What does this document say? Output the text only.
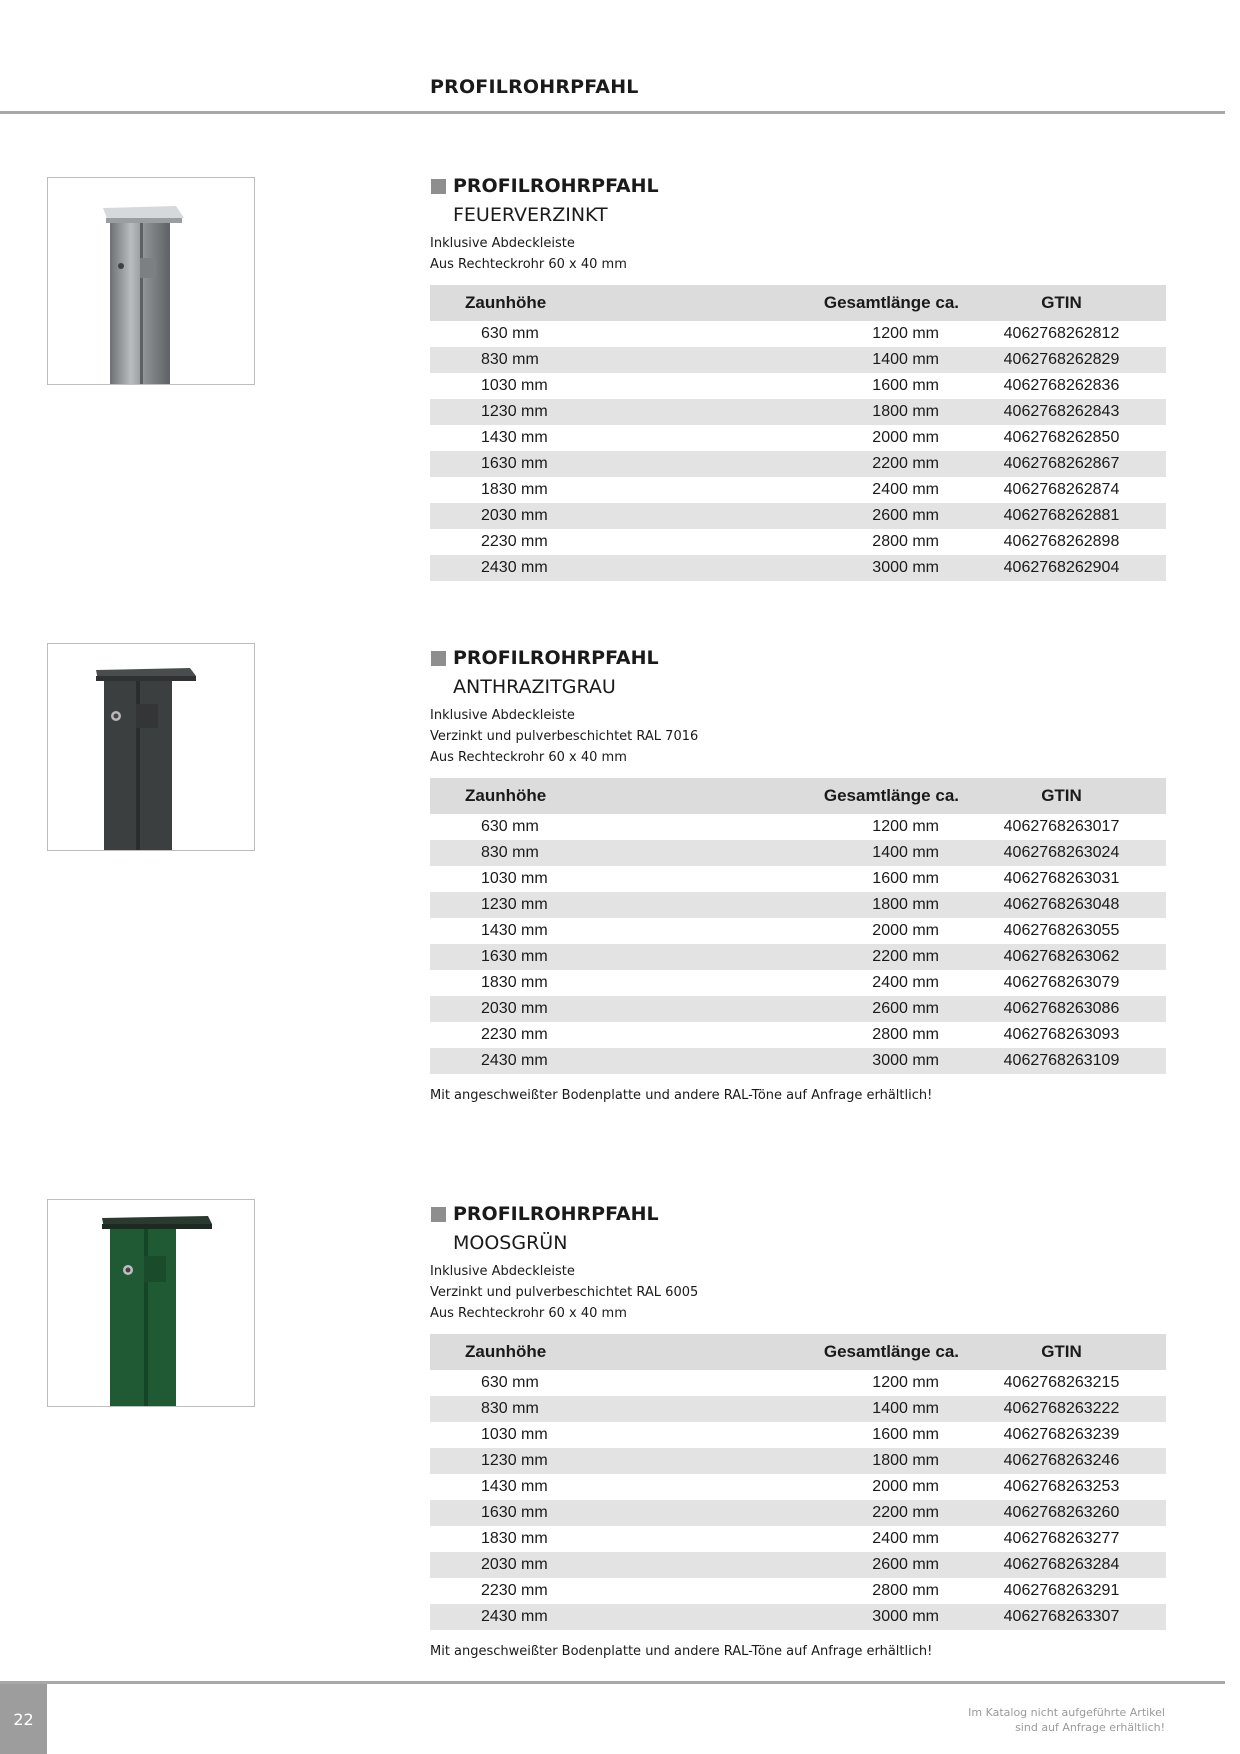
PROFILROHRPFAHL
PROFILROHRPFAHL
FEUERVERZINKT
Inklusive Abdeckleiste
Aus Rechteckrohr 60 x 40 mm
Zaunhöhe	Gesamtlänge ca.	GTIN
630 mm	1200 mm	4062768262812
830 mm	1400 mm	4062768262829
1030 mm	1600 mm	4062768262836
1230 mm	1800 mm	4062768262843
1430 mm	2000 mm	4062768262850
1630 mm	2200 mm	4062768262867
1830 mm	2400 mm	4062768262874
2030 mm	2600 mm	4062768262881
2230 mm	2800 mm	4062768262898
2430 mm	3000 mm	4062768262904
PROFILROHRPFAHL
ANTHRAZITGRAU
Inklusive Abdeckleiste
Verzinkt und pulverbeschichtet RAL 7016
Aus Rechteckrohr 60 x 40 mm
Zaunhöhe	Gesamtlänge ca.	GTIN
630 mm	1200 mm	4062768263017
830 mm	1400 mm	4062768263024
1030 mm	1600 mm	4062768263031
1230 mm	1800 mm	4062768263048
1430 mm	2000 mm	4062768263055
1630 mm	2200 mm	4062768263062
1830 mm	2400 mm	4062768263079
2030 mm	2600 mm	4062768263086
2230 mm	2800 mm	4062768263093
2430 mm	3000 mm	4062768263109
Mit angeschweißter Bodenplatte und andere RAL-Töne auf Anfrage erhältlich!
PROFILROHRPFAHL
MOOSGRÜN
Inklusive Abdeckleiste
Verzinkt und pulverbeschichtet RAL 6005
Aus Rechteckrohr 60 x 40 mm
Zaunhöhe	Gesamtlänge ca.	GTIN
630 mm	1200 mm	4062768263215
830 mm	1400 mm	4062768263222
1030 mm	1600 mm	4062768263239
1230 mm	1800 mm	4062768263246
1430 mm	2000 mm	4062768263253
1630 mm	2200 mm	4062768263260
1830 mm	2400 mm	4062768263277
2030 mm	2600 mm	4062768263284
2230 mm	2800 mm	4062768263291
2430 mm	3000 mm	4062768263307
Mit angeschweißter Bodenplatte und andere RAL-Töne auf Anfrage erhältlich!
22	Im Katalog nicht aufgeführte Artikel
sind auf Anfrage erhältlich!
